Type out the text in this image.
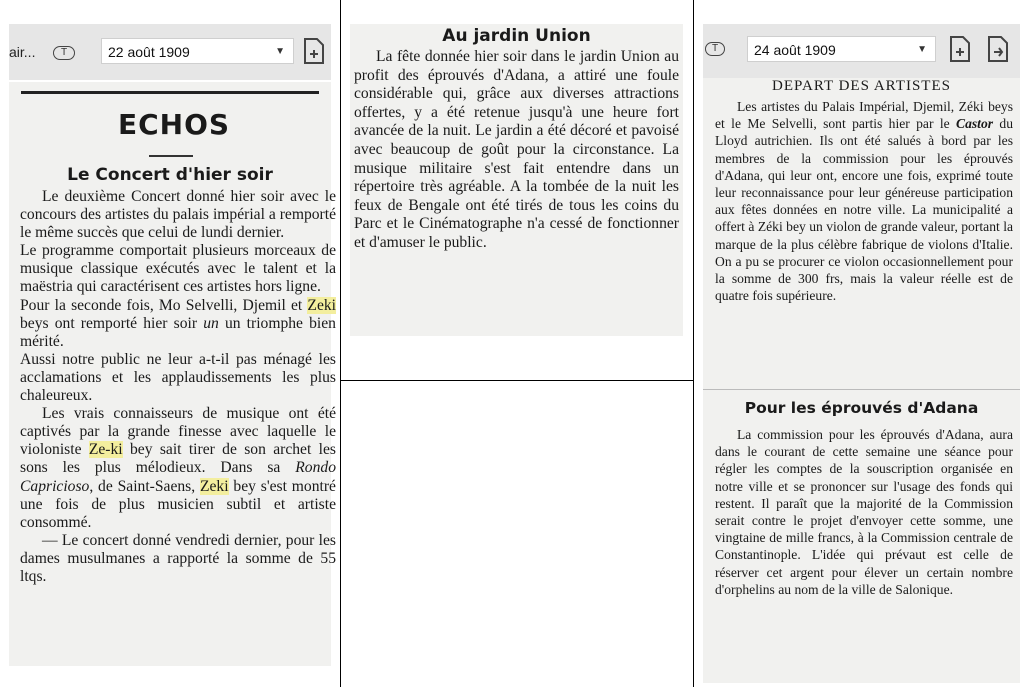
air...	T	22 août 1909	▼
ECHOS
Le Concert d'hier soir

Le deuxième Concert donné hier soir avec le concours des artistes du palais impérial a remporté le même succès que celui de lundi dernier.

Le programme comportait plusieurs morceaux de musique classique exécutés avec le talent et la maëstria qui caractérisent ces artistes hors ligne.

Pour la seconde fois, Mo Selvelli, Djemil et Zeki beys ont remporté hier soir un un triomphe bien mérité.

Aussi notre public ne leur a-t-il pas ménagé les acclamations et les applaudissements les plus chaleureux.

Les vrais connaisseurs de musique ont été captivés par la grande finesse avec laquelle le violoniste Ze-ki bey sait tirer de son archet les sons les plus mélodieux. Dans sa Rondo Capricioso, de Saint-Saens, Zeki bey s'est montré une fois de plus musicien subtil et artiste consommé.

— Le concert donné vendredi dernier, pour les dames musulmanes a rapporté la somme de 55 ltqs.

Au jardin Union

La fête donnée hier soir dans le jardin Union au profit des éprouvés d'Adana, a attiré une foule considérable qui, grâce aux diverses attractions offertes, y a été retenue jusqu'à une heure fort avancée de la nuit. Le jardin a été décoré et pavoisé avec beaucoup de goût pour la circonstance. La musique militaire s'est fait entendre dans un répertoire très agréable. A la tombée de la nuit les feux de Bengale ont été tirés de tous les coins du Parc et le Cinématographe n'a cessé de fonctionner et d'amuser le public.

T	24 août 1909	▼
DEPART DES ARTISTES

Les artistes du Palais Impérial, Djemil, Zéki beys et le Me Selvelli, sont partis hier par le Castor du Lloyd autrichien. Ils ont été salués à bord par les membres de la commission pour les éprouvés d'Adana, qui leur ont, encore une fois, exprimé toute leur reconnaissance pour leur généreuse participation aux fêtes données en notre ville. La municipalité a offert à Zéki bey un violon de grande valeur, portant la marque de la plus célèbre fabrique de violons d'Italie. On a pu se procurer ce violon occasionnellement pour la somme de 300 frs, mais la valeur réelle est de quatre fois supérieure.

Pour les éprouvés d'Adana

La commission pour les éprouvés d'Adana, aura dans le courant de cette semaine une séance pour régler les comptes de la souscription organisée en notre ville et se prononcer sur l'usage des fonds qui restent. Il paraît que la majorité de la Commission serait contre le projet d'envoyer cette somme, une vingtaine de mille francs, à la Commission centrale de Constantinople. L'idée qui prévaut est celle de réserver cet argent pour élever un certain nombre d'orphelins au nom de la ville de Salonique.
